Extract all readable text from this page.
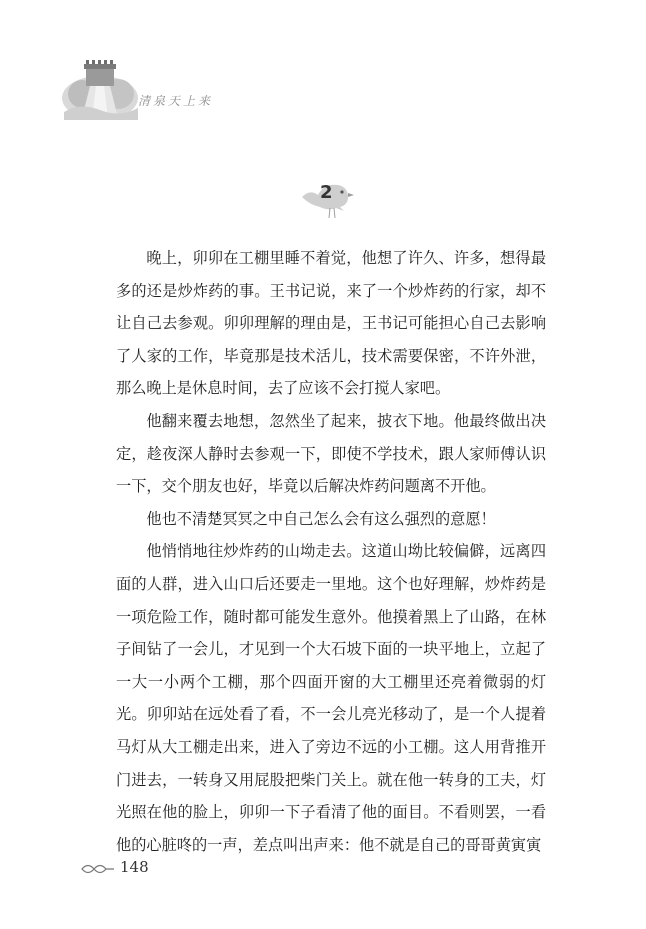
清泉天上来
2

晚上，卯卯在工棚里睡不着觉，他想了许久、许多，想得最多的还是炒炸药的事。王书记说，来了一个炒炸药的行家，却不让自己去参观。卯卯理解的理由是，王书记可能担心自己去影响了人家的工作，毕竟那是技术活儿，技术需要保密，不许外泄，那么晚上是休息时间，去了应该不会打搅人家吧。

他翻来覆去地想，忽然坐了起来，披衣下地。他最终做出决定，趁夜深人静时去参观一下，即使不学技术，跟人家师傅认识一下，交个朋友也好，毕竟以后解决炸药问题离不开他。

他也不清楚冥冥之中自己怎么会有这么强烈的意愿！

他悄悄地往炒炸药的山坳走去。这道山坳比较偏僻，远离四面的人群，进入山口后还要走一里地。这个也好理解，炒炸药是一项危险工作，随时都可能发生意外。他摸着黑上了山路，在林子间钻了一会儿，才见到一个大石坡下面的一块平地上，立起了一大一小两个工棚，那个四面开窗的大工棚里还亮着微弱的灯光。卯卯站在远处看了看，不一会儿亮光移动了，是一个人提着马灯从大工棚走出来，进入了旁边不远的小工棚。这人用背推开门进去，一转身又用屁股把柴门关上。就在他一转身的工夫，灯光照在他的脸上，卯卯一下子看清了他的面目。不看则罢，一看他的心脏咚的一声，差点叫出声来：他不就是自己的哥哥黄寅寅

148
